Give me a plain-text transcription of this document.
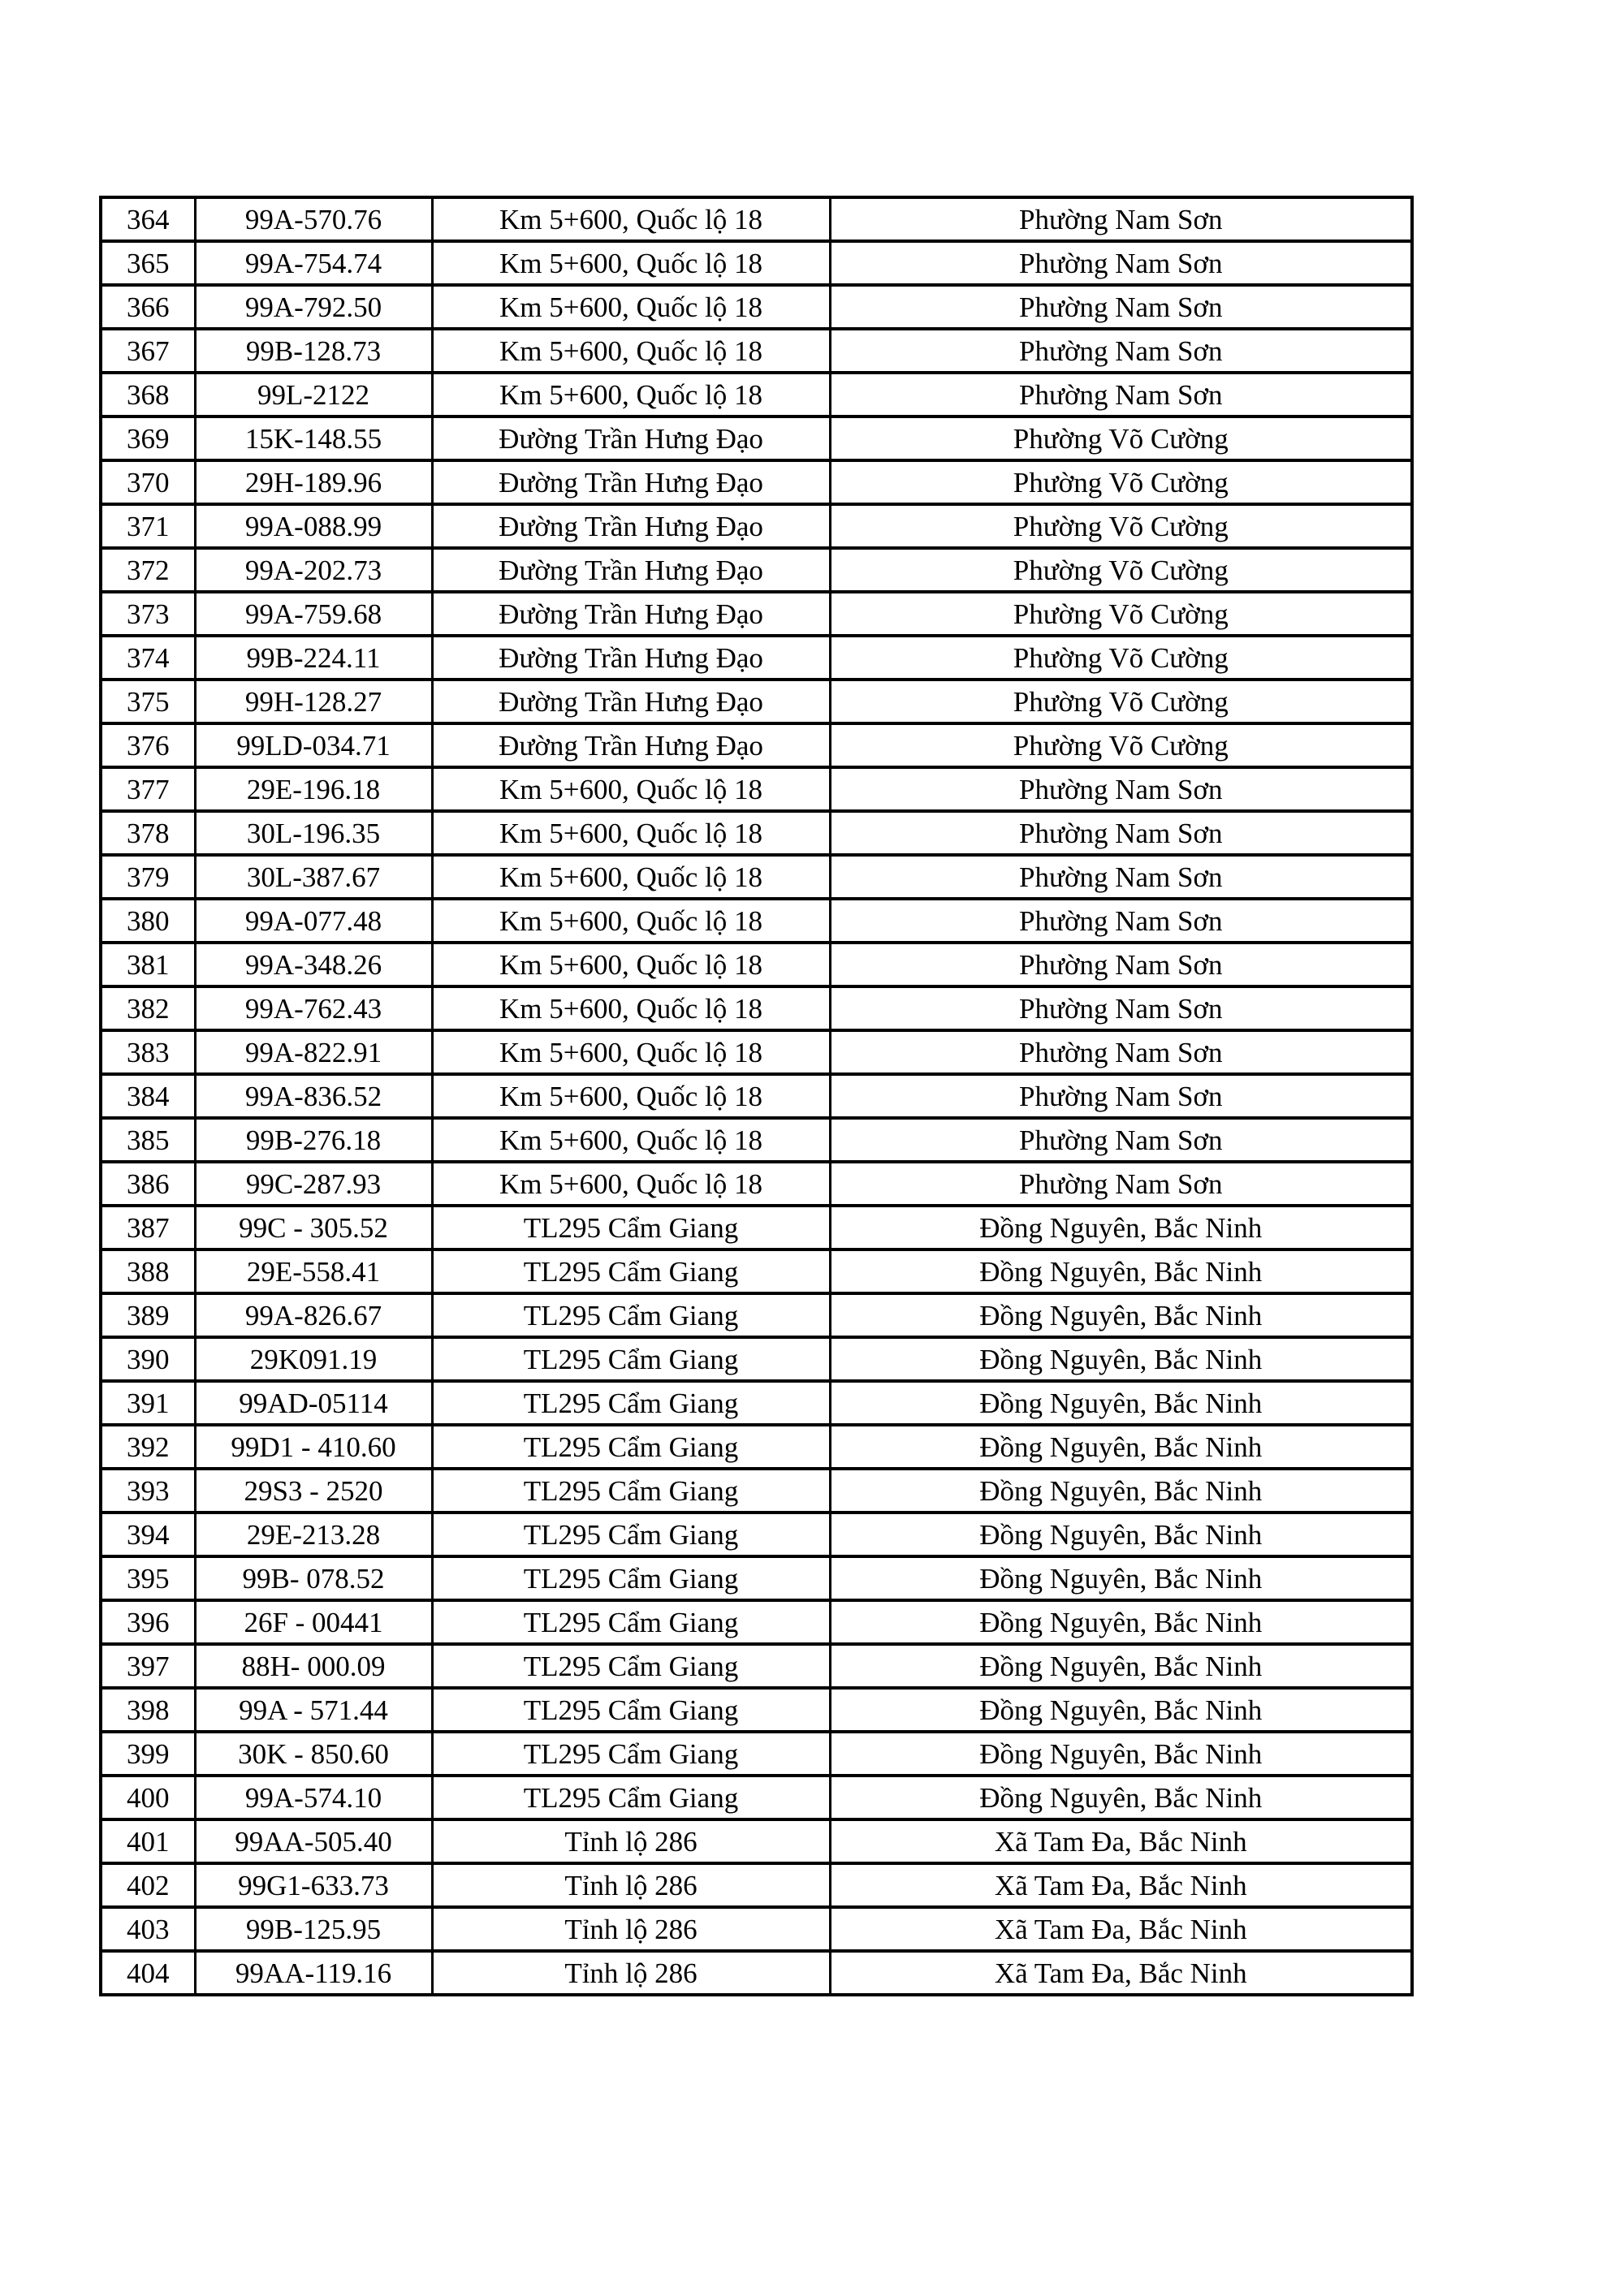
364	99A-570.76	Km 5+600, Quốc lộ 18	Phường Nam Sơn
365	99A-754.74	Km 5+600, Quốc lộ 18	Phường Nam Sơn
366	99A-792.50	Km 5+600, Quốc lộ 18	Phường Nam Sơn
367	99B-128.73	Km 5+600, Quốc lộ 18	Phường Nam Sơn
368	99L-2122	Km 5+600, Quốc lộ 18	Phường Nam Sơn
369	15K-148.55	Đường Trần Hưng Đạo	Phường Võ Cường
370	29H-189.96	Đường Trần Hưng Đạo	Phường Võ Cường
371	99A-088.99	Đường Trần Hưng Đạo	Phường Võ Cường
372	99A-202.73	Đường Trần Hưng Đạo	Phường Võ Cường
373	99A-759.68	Đường Trần Hưng Đạo	Phường Võ Cường
374	99B-224.11	Đường Trần Hưng Đạo	Phường Võ Cường
375	99H-128.27	Đường Trần Hưng Đạo	Phường Võ Cường
376	99LD-034.71	Đường Trần Hưng Đạo	Phường Võ Cường
377	29E-196.18	Km 5+600, Quốc lộ 18	Phường Nam Sơn
378	30L-196.35	Km 5+600, Quốc lộ 18	Phường Nam Sơn
379	30L-387.67	Km 5+600, Quốc lộ 18	Phường Nam Sơn
380	99A-077.48	Km 5+600, Quốc lộ 18	Phường Nam Sơn
381	99A-348.26	Km 5+600, Quốc lộ 18	Phường Nam Sơn
382	99A-762.43	Km 5+600, Quốc lộ 18	Phường Nam Sơn
383	99A-822.91	Km 5+600, Quốc lộ 18	Phường Nam Sơn
384	99A-836.52	Km 5+600, Quốc lộ 18	Phường Nam Sơn
385	99B-276.18	Km 5+600, Quốc lộ 18	Phường Nam Sơn
386	99C-287.93	Km 5+600, Quốc lộ 18	Phường Nam Sơn
387	99C - 305.52	TL295 Cẩm Giang	Đồng Nguyên, Bắc Ninh
388	29E-558.41	TL295 Cẩm Giang	Đồng Nguyên, Bắc Ninh
389	99A-826.67	TL295 Cẩm Giang	Đồng Nguyên, Bắc Ninh
390	29K091.19	TL295 Cẩm Giang	Đồng Nguyên, Bắc Ninh
391	99AD-05114	TL295 Cẩm Giang	Đồng Nguyên, Bắc Ninh
392	99D1 - 410.60	TL295 Cẩm Giang	Đồng Nguyên, Bắc Ninh
393	29S3 - 2520	TL295 Cẩm Giang	Đồng Nguyên, Bắc Ninh
394	29E-213.28	TL295 Cẩm Giang	Đồng Nguyên, Bắc Ninh
395	99B- 078.52	TL295 Cẩm Giang	Đồng Nguyên, Bắc Ninh
396	26F - 00441	TL295 Cẩm Giang	Đồng Nguyên, Bắc Ninh
397	88H- 000.09	TL295 Cẩm Giang	Đồng Nguyên, Bắc Ninh
398	99A - 571.44	TL295 Cẩm Giang	Đồng Nguyên, Bắc Ninh
399	30K - 850.60	TL295 Cẩm Giang	Đồng Nguyên, Bắc Ninh
400	99A-574.10	TL295 Cẩm Giang	Đồng Nguyên, Bắc Ninh
401	99AA-505.40	Tỉnh lộ 286	Xã Tam Đa, Bắc Ninh
402	99G1-633.73	Tỉnh lộ 286	Xã Tam Đa, Bắc Ninh
403	99B-125.95	Tỉnh lộ 286	Xã Tam Đa, Bắc Ninh
404	99AA-119.16	Tỉnh lộ 286	Xã Tam Đa, Bắc Ninh
